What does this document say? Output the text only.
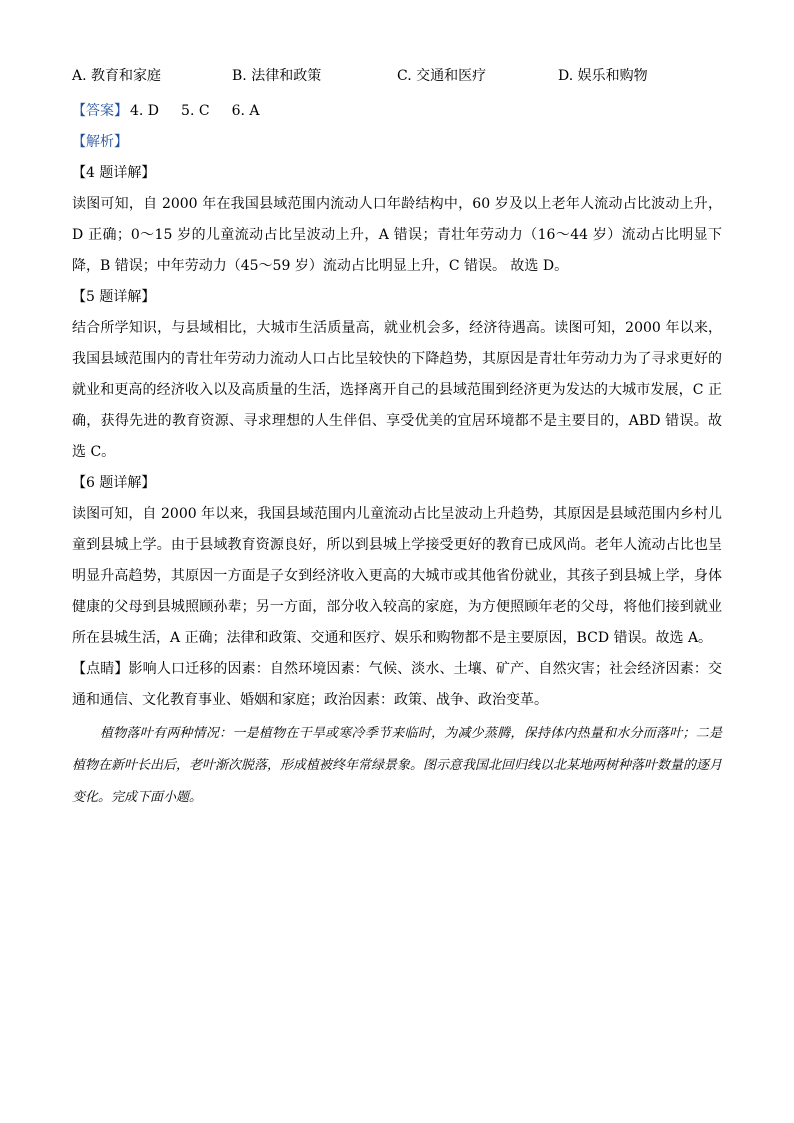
A. 教育和家庭	B. 法律和政策	C. 交通和医疗	D. 娱乐和购物
【答案】 4. D 5. C 6. A
【解析】
【4 题详解】
读图可知，自 2000 年在我国县域范围内流动人口年龄结构中，60 岁及以上老年人流动占比波动上升，D 正确；0～15 岁的儿童流动占比呈波动上升，A 错误；青壮年劳动力（16～44 岁）流动占比明显下降，B 错误；中年劳动力（45～59 岁）流动占比明显上升，C 错误。 故选 D。
【5 题详解】
结合所学知识，与县域相比，大城市生活质量高，就业机会多，经济待遇高。读图可知，2000 年以来，我国县域范围内的青壮年劳动力流动人口占比呈较快的下降趋势，其原因是青壮年劳动力为了寻求更好的就业和更高的经济收入以及高质量的生活，选择离开自己的县域范围到经济更为发达的大城市发展，C 正确，获得先进的教育资源、寻求理想的人生伴侣、享受优美的宜居环境都不是主要目的，ABD 错误。故选 C。
【6 题详解】
读图可知，自 2000 年以来，我国县域范围内儿童流动占比呈波动上升趋势，其原因是县域范围内乡村儿童到县城上学。由于县域教育资源良好，所以到县城上学接受更好的教育已成风尚。老年人流动占比也呈明显升高趋势，其原因一方面是子女到经济收入更高的大城市或其他省份就业，其孩子到县城上学，身体健康的父母到县城照顾孙辈；另一方面，部分收入较高的家庭，为方便照顾年老的父母，将他们接到就业所在县城生活，A 正确；法律和政策、交通和医疗、娱乐和购物都不是主要原因，BCD 错误。故选 A。
【点睛】影响人口迁移的因素：自然环境因素：气候、淡水、土壤、矿产、自然灾害；社会经济因素：交通和通信、文化教育事业、婚姻和家庭；政治因素：政策、战争、政治变革。
植物落叶有两种情况：一是植物在干旱或寒冷季节来临时，为减少蒸腾，保持体内热量和水分而落叶；二是植物在新叶长出后，老叶渐次脱落，形成植被终年常绿景象。图示意我国北回归线以北某地两树种落叶数量的逐月变化。完成下面小题。
